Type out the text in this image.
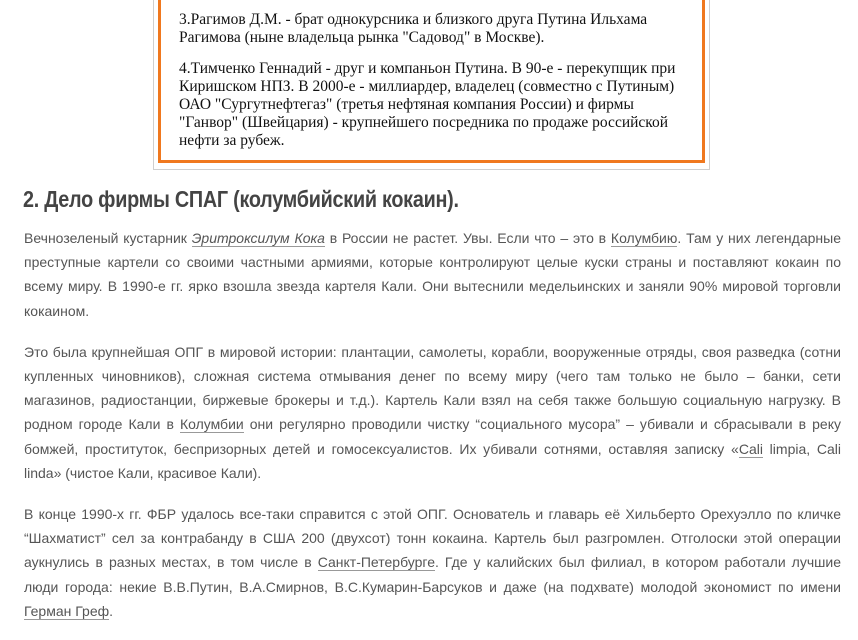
3.Рагимов Д.М. - брат однокурсника и близкого друга Путина Ильхама Рагимова (ныне владельца рынка "Садовод" в Москве).

4.Тимченко Геннадий - друг и компаньон Путина. В 90-е - перекупщик при Киришском НПЗ. В 2000-е - миллиардер, владелец (совместно с Путиным) ОАО "Сургутнефтегаз" (третья нефтяная компания России) и фирмы "Ганвор" (Швейцария) - крупнейшего посредника по продаже российской нефти за рубеж.

2. Дело фирмы СПАГ (колумбийский кокаин).

Вечнозеленый кустарник Эритроксилум Кока в России не растет. Увы. Если что – это в Колумбию. Там у них легендарные преступные картели со своими частными армиями, которые контролируют целые куски страны и поставляют кокаин по всему миру. В 1990-е гг. ярко взошла звезда картеля Кали. Они вытеснили медельинских и заняли 90% мировой торговли кокаином.

Это была крупнейшая ОПГ в мировой истории: плантации, самолеты, корабли, вооруженные отряды, своя разведка (сотни купленных чиновников), сложная система отмывания денег по всему миру (чего там только не было – банки, сети магазинов, радиостанции, биржевые брокеры и т.д.). Картель Кали взял на себя также большую социальную нагрузку. В родном городе Кали в Колумбии они регулярно проводили чистку “социального мусора” – убивали и сбрасывали в реку бомжей, проституток, беспризорных детей и гомосексуалистов. Их убивали сотнями, оставляя записку «Cali limpia, Cali linda» (чистое Кали, красивое Кали).

В конце 1990-х гг. ФБР удалось все-таки справится с этой ОПГ. Основатель и главарь её Хильберто Орехуэлло по кличке “Шахматист” сел за контрабанду в США 200 (двухсот) тонн кокаина. Картель был разгромлен. Отголоски этой операции аукнулись в разных местах, в том числе в Санкт-Петербурге. Где у калийских был филиал, в котором работали лучшие люди города: некие В.В.Путин, В.А.Смирнов, В.С.Кумарин-Барсуков и даже (на подхвате) молодой экономист по имени Герман Греф.
